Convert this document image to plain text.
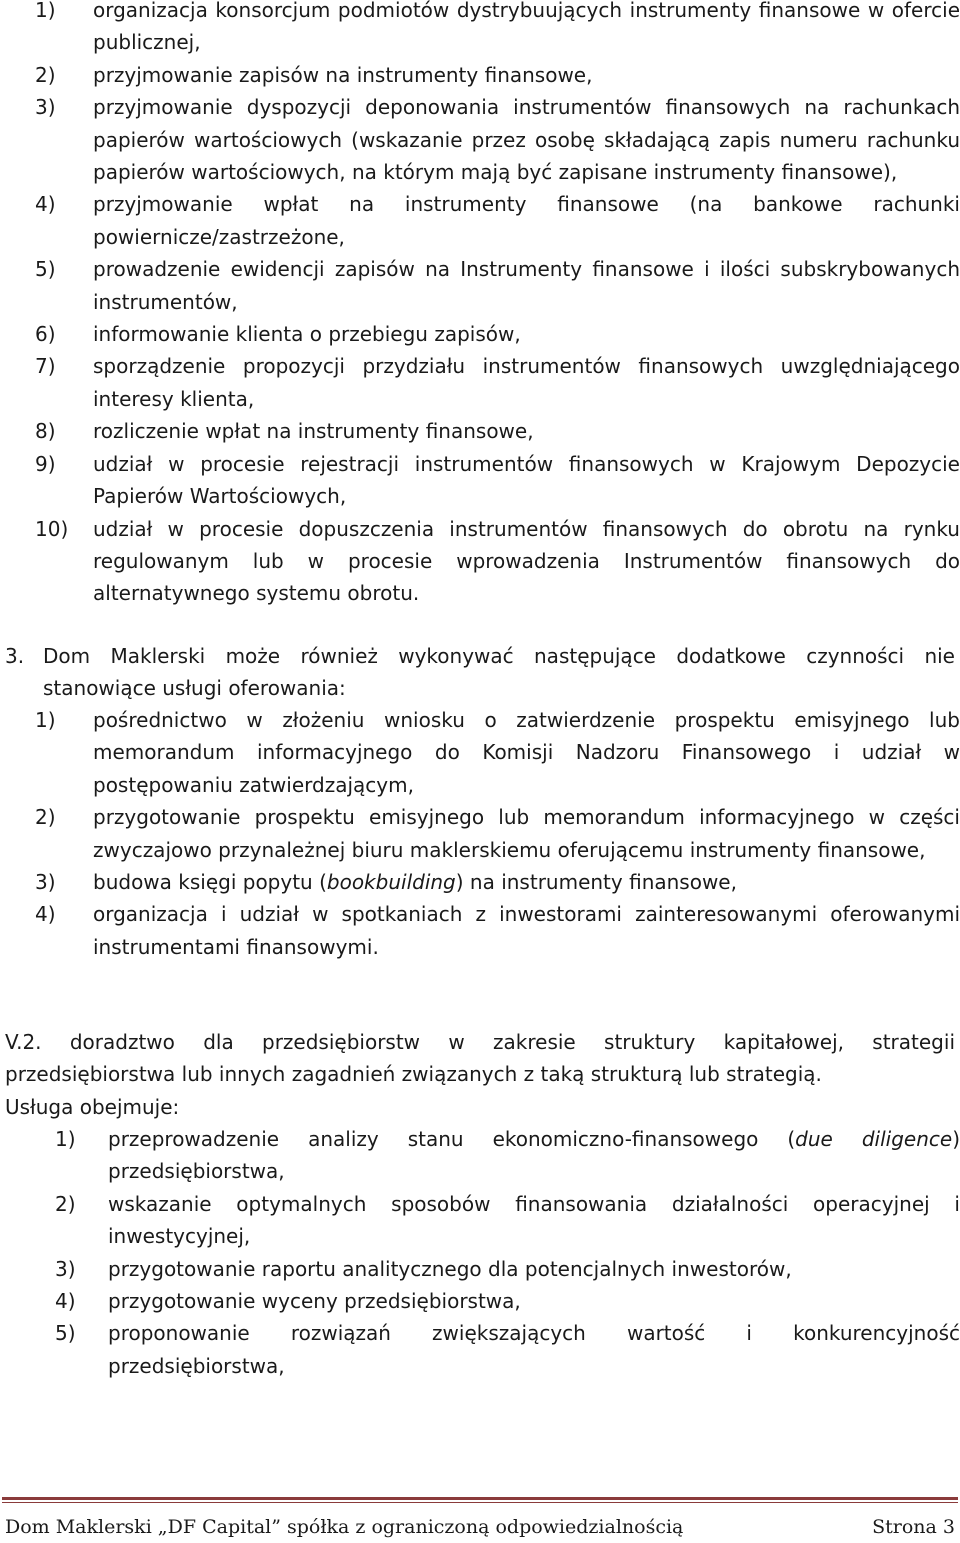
1) organizacja konsorcjum podmiotów dystrybuujących instrumenty finansowe w ofercie publicznej,
2) przyjmowanie zapisów na instrumenty finansowe,
3) przyjmowanie dyspozycji deponowania instrumentów finansowych na rachunkach papierów wartościowych (wskazanie przez osobę składającą zapis numeru rachunku papierów wartościowych, na którym mają być zapisane instrumenty finansowe),
4) przyjmowanie wpłat na instrumenty finansowe (na bankowe rachunki powiernicze/zastrzeżone,
5) prowadzenie ewidencji zapisów na Instrumenty finansowe i ilości subskrybowanych instrumentów,
6) informowanie klienta o przebiegu zapisów,
7) sporządzenie propozycji przydziału instrumentów finansowych uwzględniającego interesy klienta,
8) rozliczenie wpłat na instrumenty finansowe,
9) udział w procesie rejestracji instrumentów finansowych w Krajowym Depozycie Papierów Wartościowych,
10) udział w procesie dopuszczenia instrumentów finansowych do obrotu na rynku regulowanym lub w procesie wprowadzenia Instrumentów finansowych do alternatywnego systemu obrotu.
3. Dom Maklerski może również wykonywać następujące dodatkowe czynności nie stanowiące usługi oferowania:
1) pośrednictwo w złożeniu wniosku o zatwierdzenie prospektu emisyjnego lub memorandum informacyjnego do Komisji Nadzoru Finansowego i udział w postępowaniu zatwierdzającym,
2) przygotowanie prospektu emisyjnego lub memorandum informacyjnego w części zwyczajowo przynależnej biuru maklerskiemu oferującemu instrumenty finansowe,
3) budowa księgi popytu (bookbuilding) na instrumenty finansowe,
4) organizacja i udział w spotkaniach z inwestorami zainteresowanymi oferowanymi instrumentami finansowymi.
V.2. doradztwo dla przedsiębiorstw w zakresie struktury kapitałowej, strategii przedsiębiorstwa lub innych zagadnień związanych z taką strukturą lub strategią.
Usługa obejmuje:
1) przeprowadzenie analizy stanu ekonomiczno-finansowego (due diligence) przedsiębiorstwa,
2) wskazanie optymalnych sposobów finansowania działalności operacyjnej i inwestycyjnej,
3) przygotowanie raportu analitycznego dla potencjalnych inwestorów,
4) przygotowanie wyceny przedsiębiorstwa,
5) proponowanie rozwiązań zwiększających wartość i konkurencyjność przedsiębiorstwa,
Dom Maklerski „DF Capital” spółka z ograniczoną odpowiedzialnością	Strona 3
